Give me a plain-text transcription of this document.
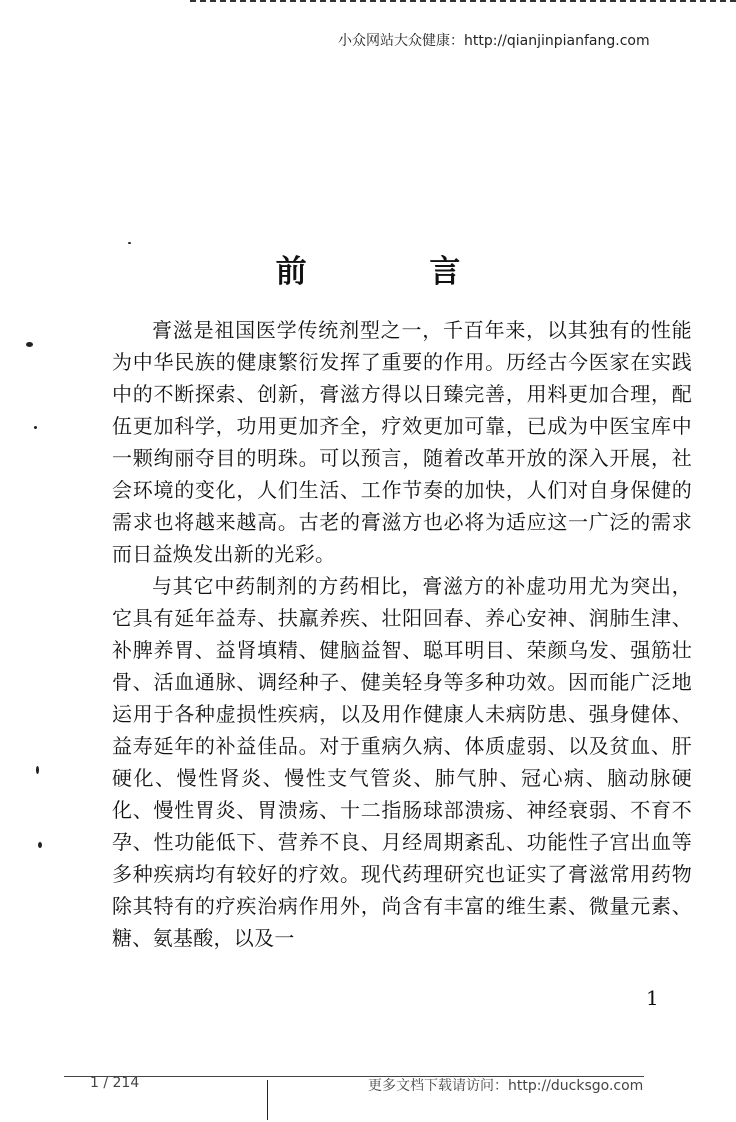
小众网站大众健康：http://qianjinpianfang.com
前 言

膏滋是祖国医学传统剂型之一，千百年来，以其独有的性能为中华民族的健康繁衍发挥了重要的作用。历经古今医家在实践中的不断探索、创新，膏滋方得以日臻完善，用料更加合理，配伍更加科学，功用更加齐全，疗效更加可靠，已成为中医宝库中一颗绚丽夺目的明珠。可以预言，随着改革开放的深入开展，社会环境的变化，人们生活、工作节奏的加快，人们对自身保健的需求也将越来越高。古老的膏滋方也必将为适应这一广泛的需求而日益焕发出新的光彩。

与其它中药制剂的方药相比，膏滋方的补虚功用尤为突出，它具有延年益寿、扶羸养疾、壮阳回春、养心安神、润肺生津、补脾养胃、益肾填精、健脑益智、聪耳明目、荣颜乌发、强筋壮骨、活血通脉、调经种子、健美轻身等多种功效。因而能广泛地运用于各种虚损性疾病，以及用作健康人未病防患、强身健体、益寿延年的补益佳品。对于重病久病、体质虚弱、以及贫血、肝硬化、慢性肾炎、慢性支气管炎、肺气肿、冠心病、脑动脉硬化、慢性胃炎、胃溃疡、十二指肠球部溃疡、神经衰弱、不育不孕、性功能低下、营养不良、月经周期紊乱、功能性子宫出血等多种疾病均有较好的疗效。现代药理研究也证实了膏滋常用药物除其特有的疗疾治病作用外，尚含有丰富的维生素、微量元素、糖、氨基酸，以及一

1
1 / 214	更多文档下载请访问：http://ducksgo.com
